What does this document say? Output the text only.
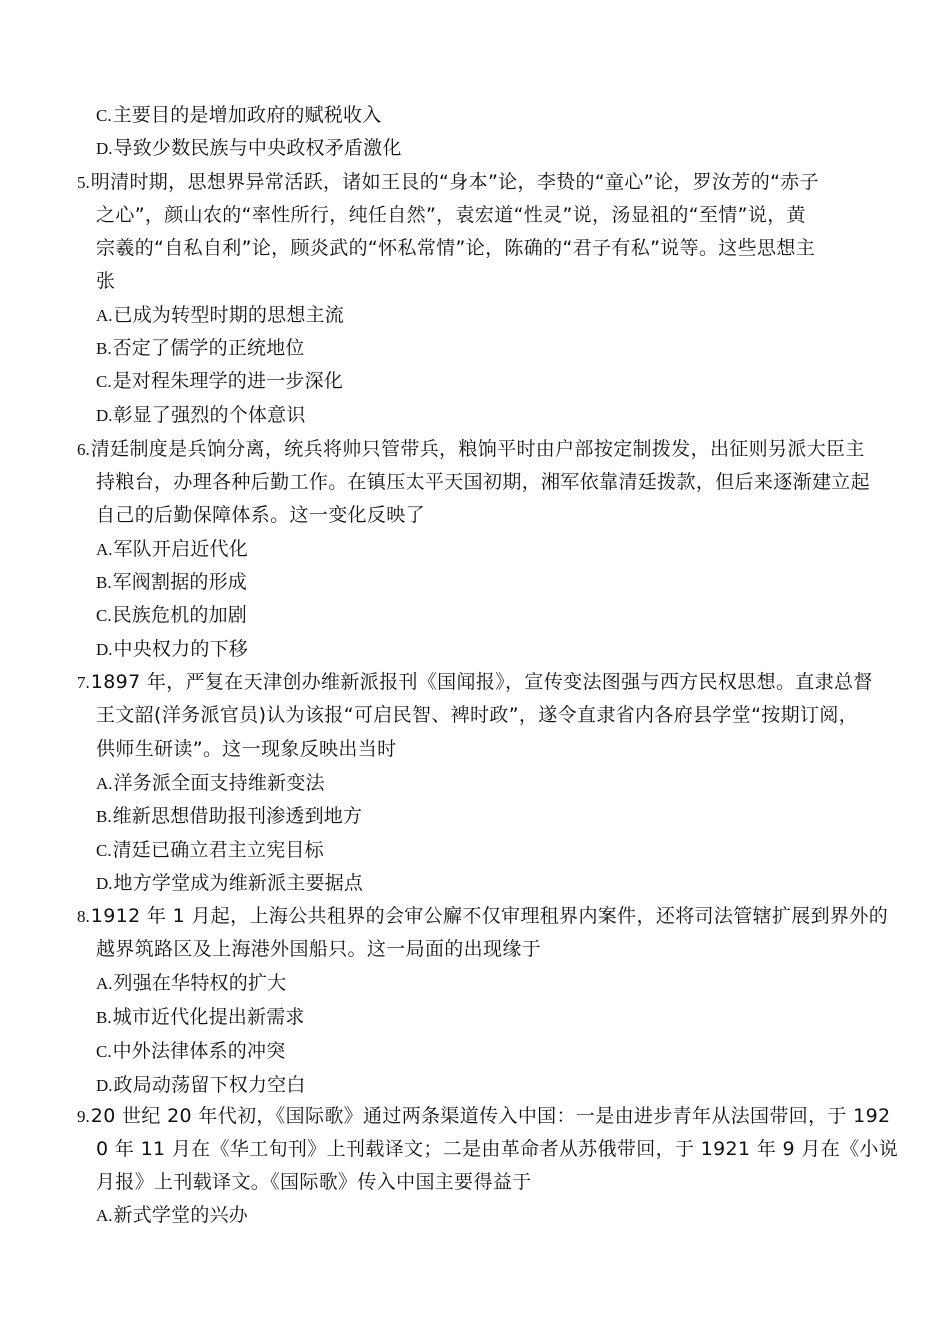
C.主要目的是增加政府的赋税收入
D.导致少数民族与中央政权矛盾激化
5.明清时期，思想界异常活跃，诸如王艮的“身本”论，李贽的“童心”论，罗汝芳的“赤子
之心”，颜山农的“率性所行，纯任自然”，袁宏道“性灵”说，汤显祖的“至情”说，黄
宗羲的“自私自利”论，顾炎武的“怀私常情”论，陈确的“君子有私”说等。这些思想主
张
A.已成为转型时期的思想主流
B.否定了儒学的正统地位
C.是对程朱理学的进一步深化
D.彰显了强烈的个体意识
6.清廷制度是兵饷分离，统兵将帅只管带兵，粮饷平时由户部按定制拨发，出征则另派大臣主
持粮台，办理各种后勤工作。在镇压太平天国初期，湘军依靠清廷拨款，但后来逐渐建立起
自己的后勤保障体系。这一变化反映了
A.军队开启近代化
B.军阀割据的形成
C.民族危机的加剧
D.中央权力的下移
7.1897 年，严复在天津创办维新派报刊《国闻报》，宣传变法图强与西方民权思想。直隶总督
王文韶(洋务派官员)认为该报“可启民智、裨时政”，遂令直隶省内各府县学堂“按期订阅，
供师生研读”。这一现象反映出当时
A.洋务派全面支持维新变法
B.维新思想借助报刊渗透到地方
C.清廷已确立君主立宪目标
D.地方学堂成为维新派主要据点
8.1912 年 1 月起，上海公共租界的会审公廨不仅审理租界内案件，还将司法管辖扩展到界外的
越界筑路区及上海港外国船只。这一局面的出现缘于
A.列强在华特权的扩大
B.城市近代化提出新需求
C.中外法律体系的冲突
D.政局动荡留下权力空白
9.20 世纪 20 年代初，《国际歌》通过两条渠道传入中国：一是由进步青年从法国带回，于 192
0 年 11 月在《华工旬刊》上刊载译文；二是由革命者从苏俄带回，于 1921 年 9 月在《小说
月报》上刊载译文。《国际歌》传入中国主要得益于
A.新式学堂的兴办
